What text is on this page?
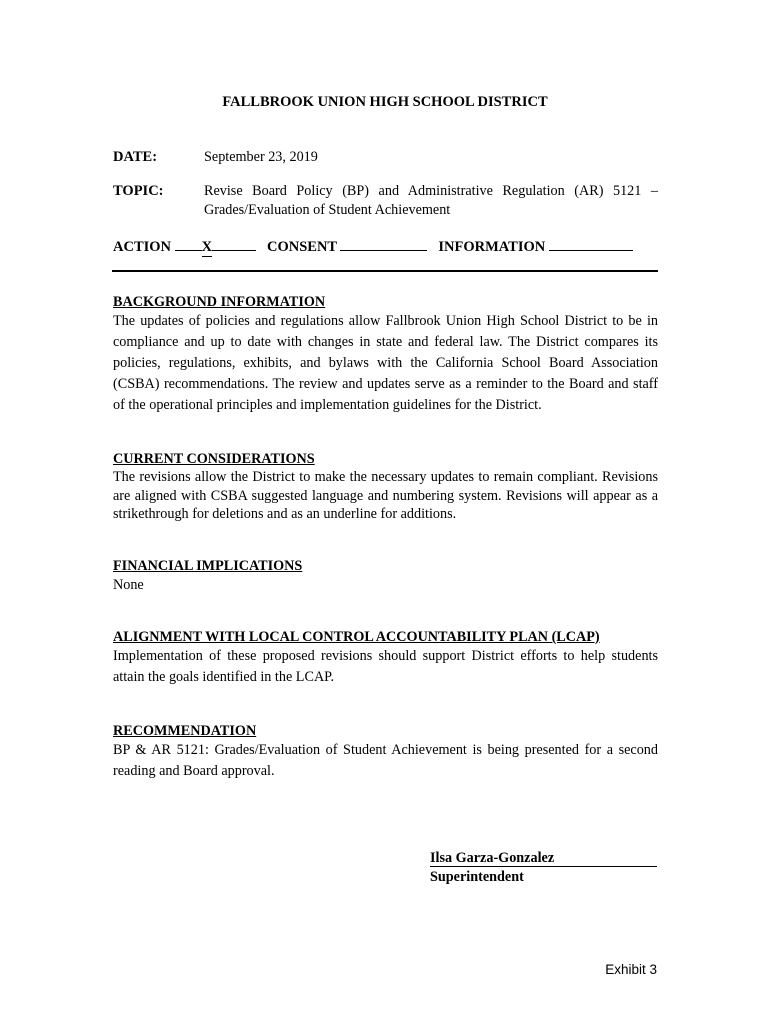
FALLBROOK UNION HIGH SCHOOL DISTRICT
DATE:	September 23, 2019
TOPIC:	Revise Board Policy (BP) and Administrative Regulation (AR) 5121 – Grades/Evaluation of Student Achievement
ACTION X	CONSENT	INFORMATION
BACKGROUND INFORMATION
The updates of policies and regulations allow Fallbrook Union High School District to be in compliance and up to date with changes in state and federal law. The District compares its policies, regulations, exhibits, and bylaws with the California School Board Association (CSBA) recommendations. The review and updates serve as a reminder to the Board and staff of the operational principles and implementation guidelines for the District.
CURRENT CONSIDERATIONS
The revisions allow the District to make the necessary updates to remain compliant. Revisions are aligned with CSBA suggested language and numbering system. Revisions will appear as a strikethrough for deletions and as an underline for additions.
FINANCIAL IMPLICATIONS
None
ALIGNMENT WITH LOCAL CONTROL ACCOUNTABILITY PLAN (LCAP)
Implementation of these proposed revisions should support District efforts to help students attain the goals identified in the LCAP.
RECOMMENDATION
BP & AR 5121: Grades/Evaluation of Student Achievement is being presented for a second reading and Board approval.
Ilsa Garza-Gonzalez
Superintendent
Exhibit 3
